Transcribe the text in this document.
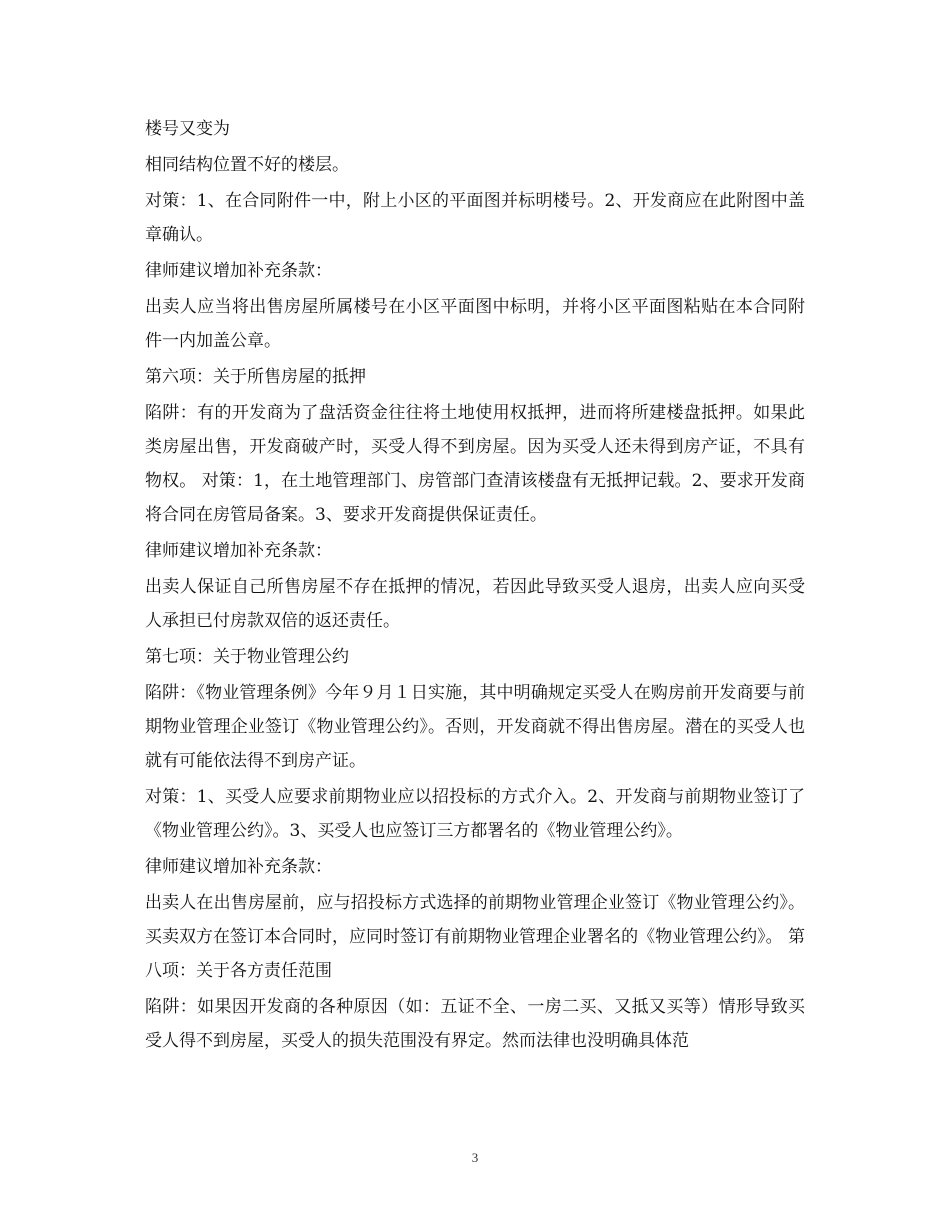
楼号又变为

相同结构位置不好的楼层。

对策：1、在合同附件一中，附上小区的平面图并标明楼号。2、开发商应在此附图中盖章确认。

律师建议增加补充条款：

出卖人应当将出售房屋所属楼号在小区平面图中标明，并将小区平面图粘贴在本合同附件一内加盖公章。

第六项：关于所售房屋的抵押

陷阱：有的开发商为了盘活资金往往将土地使用权抵押，进而将所建楼盘抵押。如果此类房屋出售，开发商破产时，买受人得不到房屋。因为买受人还未得到房产证，不具有物权。 对策：1，在土地管理部门、房管部门查清该楼盘有无抵押记载。2、要求开发商将合同在房管局备案。3、要求开发商提供保证责任。

律师建议增加补充条款：

出卖人保证自己所售房屋不存在抵押的情况，若因此导致买受人退房，出卖人应向买受人承担已付房款双倍的返还责任。

第七项：关于物业管理公约

陷阱：《物业管理条例》今年９月１日实施，其中明确规定买受人在购房前开发商要与前期物业管理企业签订《物业管理公约》。否则，开发商就不得出售房屋。潜在的买受人也就有可能依法得不到房产证。

对策：1、买受人应要求前期物业应以招投标的方式介入。2、开发商与前期物业签订了《物业管理公约》。3、买受人也应签订三方都署名的《物业管理公约》。

律师建议增加补充条款：

出卖人在出售房屋前，应与招投标方式选择的前期物业管理企业签订《物业管理公约》。 买卖双方在签订本合同时，应同时签订有前期物业管理企业署名的《物业管理公约》。 第八项：关于各方责任范围

陷阱：如果因开发商的各种原因（如：五证不全、一房二买、又抵又买等）情形导致买受人得不到房屋，买受人的损失范围没有界定。然而法律也没明确具体范

3
